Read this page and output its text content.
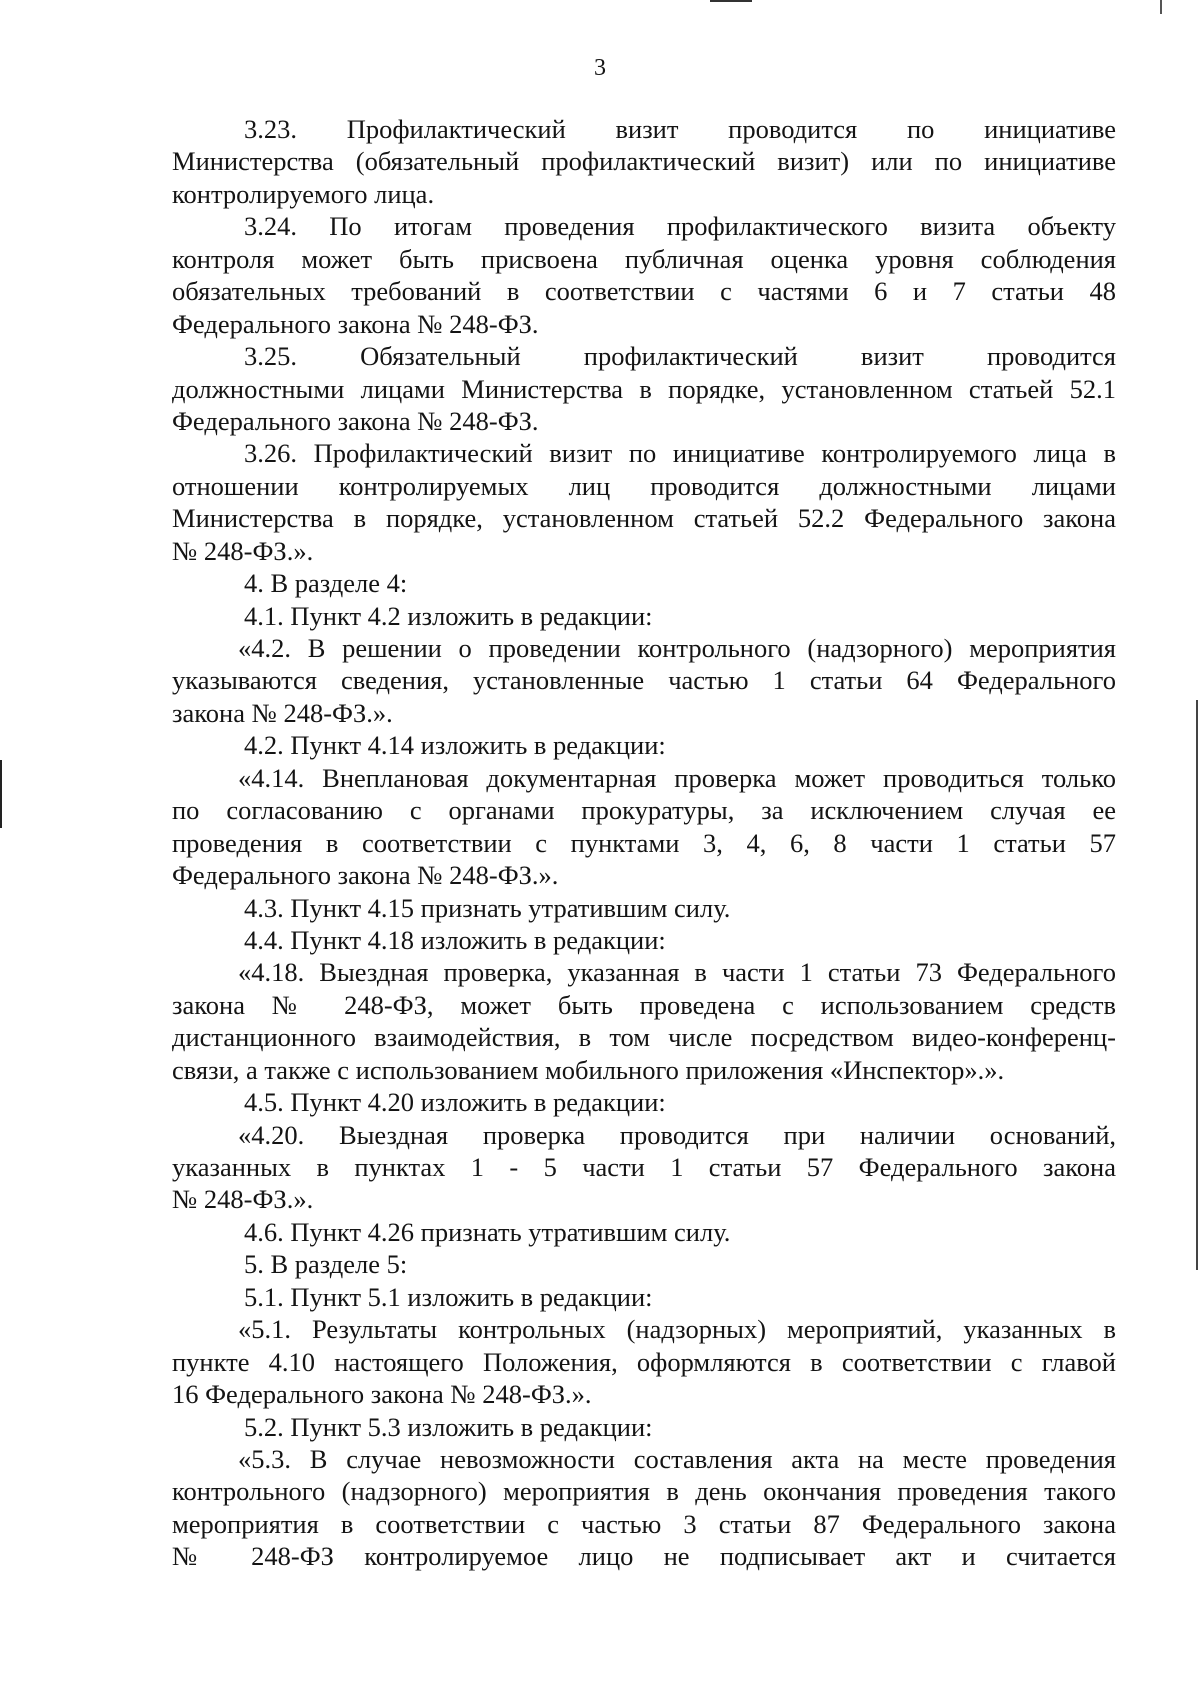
3
3.23. Профилактический визит проводится по инициативе
Министерства (обязательный профилактический визит) или по инициативе
контролируемого лица.
3.24. По итогам проведения профилактического визита объекту
контроля может быть присвоена публичная оценка уровня соблюдения
обязательных требований в соответствии с частями 6 и 7 статьи 48
Федерального закона № 248-ФЗ.
3.25. Обязательный профилактический визит проводится
должностными лицами Министерства в порядке, установленном статьей 52.1
Федерального закона № 248-ФЗ.
3.26. Профилактический визит по инициативе контролируемого лица в
отношении контролируемых лиц проводится должностными лицами
Министерства в порядке, установленном статьей 52.2 Федерального закона
№ 248-ФЗ.».
4. В разделе 4:
4.1. Пункт 4.2 изложить в редакции:
«4.2. В решении о проведении контрольного (надзорного) мероприятия
указываются сведения, установленные частью 1 статьи 64 Федерального
закона № 248-ФЗ.».
4.2. Пункт 4.14 изложить в редакции:
«4.14. Внеплановая документарная проверка может проводиться только
по согласованию с органами прокуратуры, за исключением случая ее
проведения в соответствии с пунктами 3, 4, 6, 8 части 1 статьи 57
Федерального закона № 248-ФЗ.».
4.3. Пункт 4.15 признать утратившим силу.
4.4. Пункт 4.18 изложить в редакции:
«4.18. Выездная проверка, указанная в части 1 статьи 73 Федерального
закона № 248-ФЗ, может быть проведена с использованием средств
дистанционного взаимодействия, в том числе посредством видео-конференц-
связи, а также с использованием мобильного приложения «Инспектор».».
4.5. Пункт 4.20 изложить в редакции:
«4.20. Выездная проверка проводится при наличии оснований,
указанных в пунктах 1 - 5 части 1 статьи 57 Федерального закона
№ 248-ФЗ.».
4.6. Пункт 4.26 признать утратившим силу.
5. В разделе 5:
5.1. Пункт 5.1 изложить в редакции:
«5.1. Результаты контрольных (надзорных) мероприятий, указанных в
пункте 4.10 настоящего Положения, оформляются в соответствии с главой
16 Федерального закона № 248-ФЗ.».
5.2. Пункт 5.3 изложить в редакции:
«5.3. В случае невозможности составления акта на месте проведения
контрольного (надзорного) мероприятия в день окончания проведения такого
мероприятия в соответствии с частью 3 статьи 87 Федерального закона
№ 248-ФЗ контролируемое лицо не подписывает акт и считается
